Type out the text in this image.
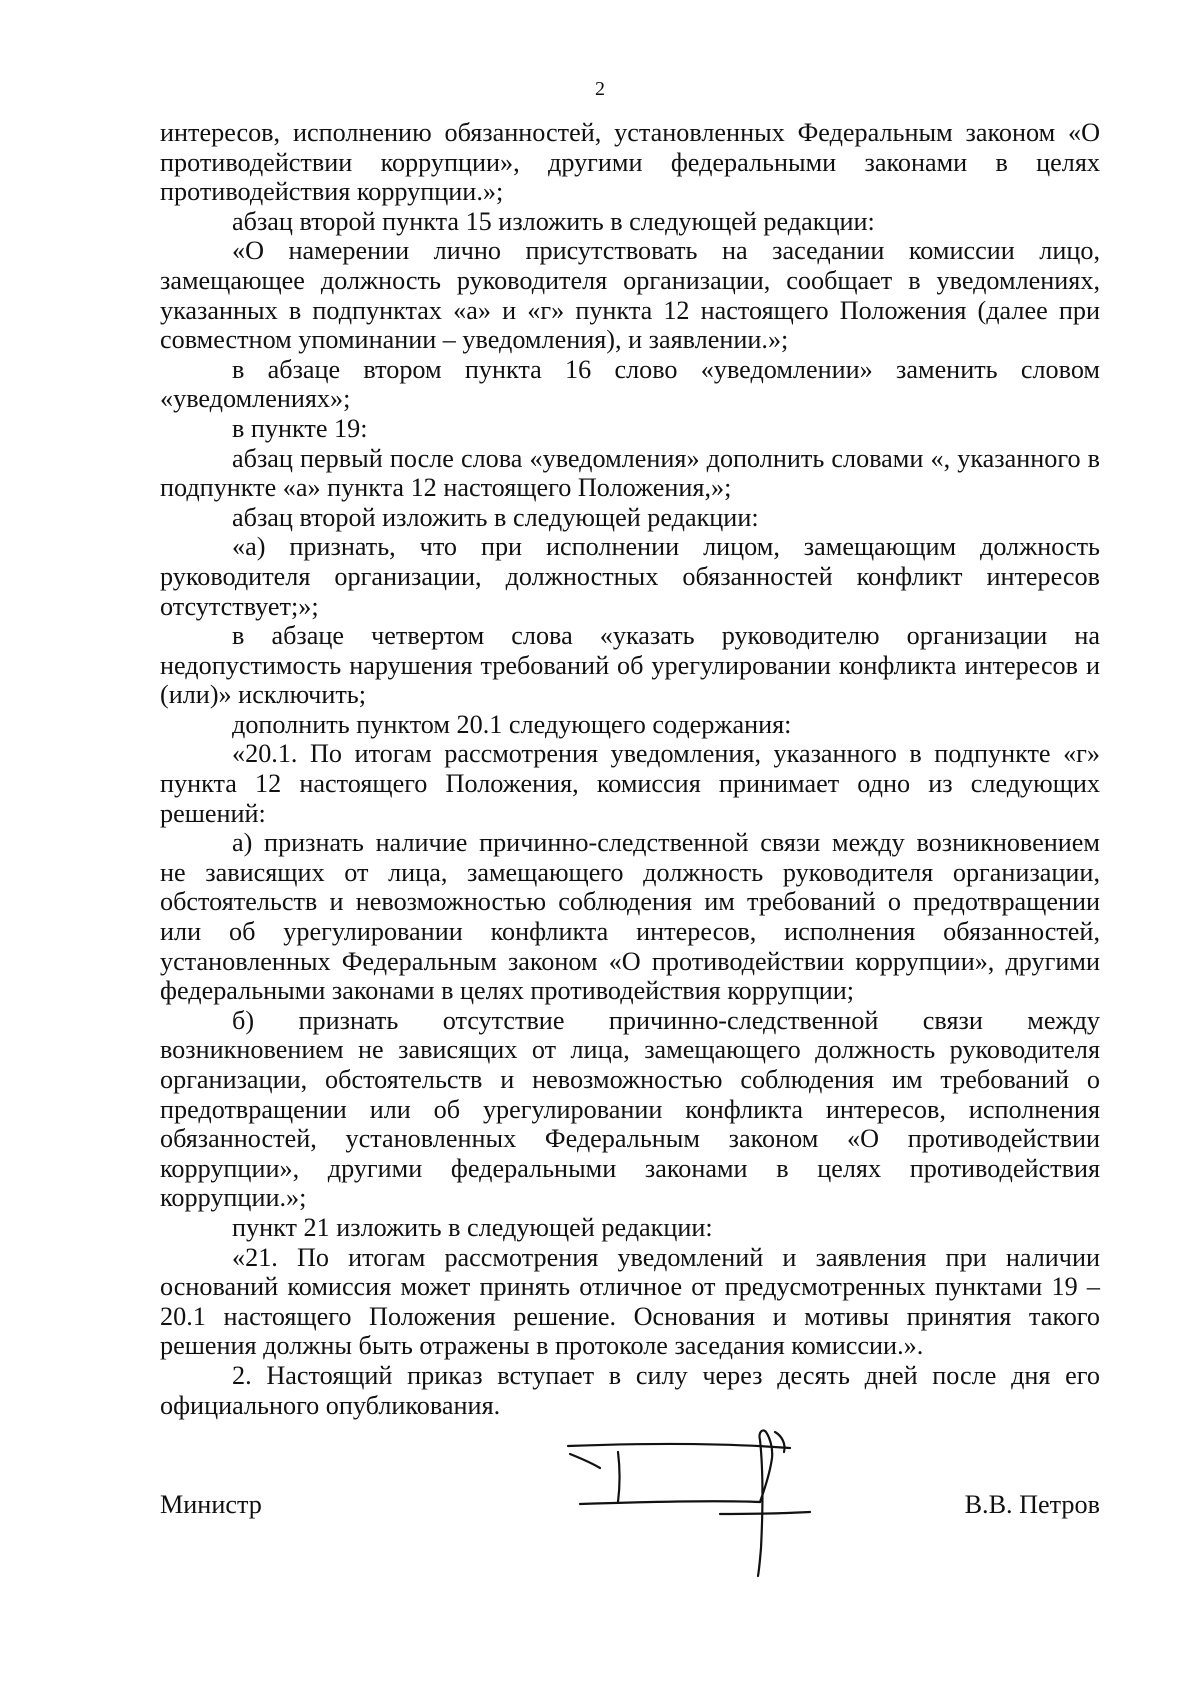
2

интересов, исполнению обязанностей, установленных Федеральным законом «О противодействии коррупции», другими федеральными законами в целях противодействия коррупции.»;

абзац второй пункта 15 изложить в следующей редакции:

«О намерении лично присутствовать на заседании комиссии лицо, замещающее должность руководителя организации, сообщает в уведомлениях, указанных в подпунктах «а» и «г» пункта 12 настоящего Положения (далее при совместном упоминании – уведомления), и заявлении.»;

в абзаце втором пункта 16 слово «уведомлении» заменить словом «уведомлениях»;

в пункте 19:

абзац первый после слова «уведомления» дополнить словами «, указанного в подпункте «а» пункта 12 настоящего Положения,»;

абзац второй изложить в следующей редакции:

«а) признать, что при исполнении лицом, замещающим должность руководителя организации, должностных обязанностей конфликт интересов отсутствует;»;

в абзаце четвертом слова «указать руководителю организации на недопустимость нарушения требований об урегулировании конфликта интересов и (или)» исключить;

дополнить пунктом 20.1 следующего содержания:

«20.1. По итогам рассмотрения уведомления, указанного в подпункте «г» пункта 12 настоящего Положения, комиссия принимает одно из следующих решений:

а) признать наличие причинно-следственной связи между возникновением не зависящих от лица, замещающего должность руководителя организации, обстоятельств и невозможностью соблюдения им требований о предотвращении или об урегулировании конфликта интересов, исполнения обязанностей, установленных Федеральным законом «О противодействии коррупции», другими федеральными законами в целях противодействия коррупции;

б) признать отсутствие причинно-следственной связи между возникновением не зависящих от лица, замещающего должность руководителя организации, обстоятельств и невозможностью соблюдения им требований о предотвращении или об урегулировании конфликта интересов, исполнения обязанностей, установленных Федеральным законом «О противодействии коррупции», другими федеральными законами в целях противодействия коррупции.»;

пункт 21 изложить в следующей редакции:

«21. По итогам рассмотрения уведомлений и заявления при наличии оснований комиссия может принять отличное от предусмотренных пунктами 19 – 20.1 настоящего Положения решение. Основания и мотивы принятия такого решения должны быть отражены в протоколе заседания комиссии.».

2. Настоящий приказ вступает в силу через десять дней после дня его официального опубликования.

Министр	В.В. Петров
